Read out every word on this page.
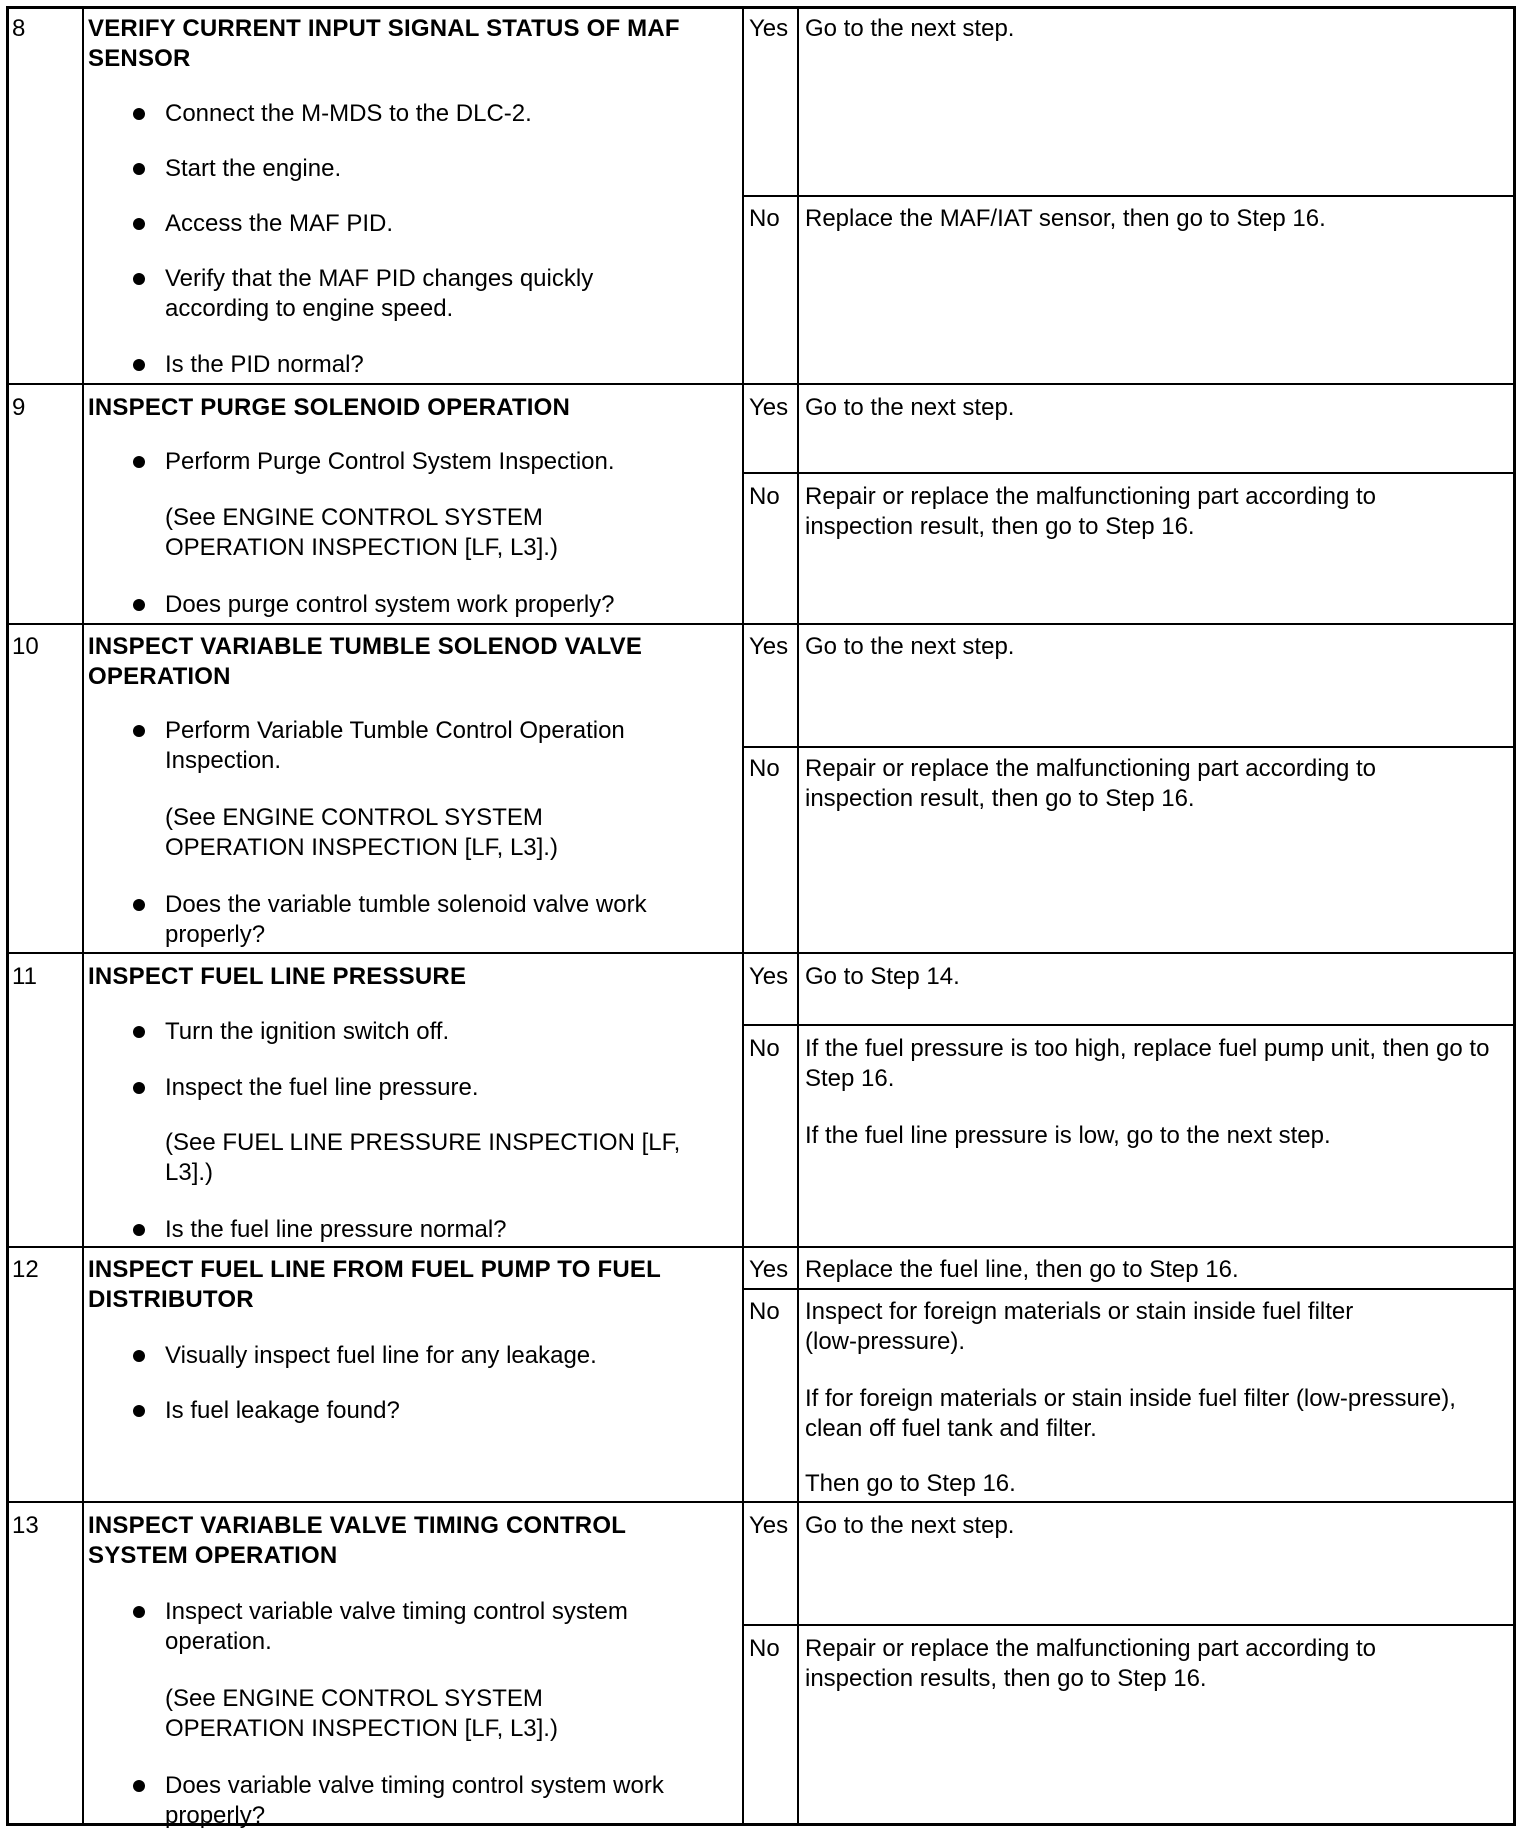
8	VERIFY CURRENT INPUT SIGNAL STATUS OF MAF SENSOR
Connect the M-MDS to the DLC-2.
Start the engine.
Access the MAF PID.
Verify that the MAF PID changes quickly according to engine speed.
Is the PID normal?
Yes Go to the next step.
No Replace the MAF/IAT sensor, then go to Step 16.
9	INSPECT PURGE SOLENOID OPERATION
Perform Purge Control System Inspection.
(See ENGINE CONTROL SYSTEM OPERATION INSPECTION [LF, L3].)
Does purge control system work properly?
Yes Go to the next step.
No Repair or replace the malfunctioning part according to inspection result, then go to Step 16.
10 INSPECT VARIABLE TUMBLE SOLENOD VALVE OPERATION
Perform Variable Tumble Control Operation Inspection.
(See ENGINE CONTROL SYSTEM OPERATION INSPECTION [LF, L3].)
Does the variable tumble solenoid valve work properly?
Yes Go to the next step.
No Repair or replace the malfunctioning part according to inspection result, then go to Step 16.
11 INSPECT FUEL LINE PRESSURE
Turn the ignition switch off.
Inspect the fuel line pressure.
(See FUEL LINE PRESSURE INSPECTION [LF, L3].)
Is the fuel line pressure normal?
Yes Go to Step 14.
No If the fuel pressure is too high, replace fuel pump unit, then go to Step 16.
If the fuel line pressure is low, go to the next step.
12 INSPECT FUEL LINE FROM FUEL PUMP TO FUEL DISTRIBUTOR
Visually inspect fuel line for any leakage.
Is fuel leakage found?
Yes Replace the fuel line, then go to Step 16.
No Inspect for foreign materials or stain inside fuel filter (low-pressure).
If for foreign materials or stain inside fuel filter (low-pressure), clean off fuel tank and filter.
Then go to Step 16.
13 INSPECT VARIABLE VALVE TIMING CONTROL SYSTEM OPERATION
Inspect variable valve timing control system operation.
(See ENGINE CONTROL SYSTEM OPERATION INSPECTION [LF, L3].)
Does variable valve timing control system work properly?
Yes Go to the next step.
No Repair or replace the malfunctioning part according to inspection results, then go to Step 16.
